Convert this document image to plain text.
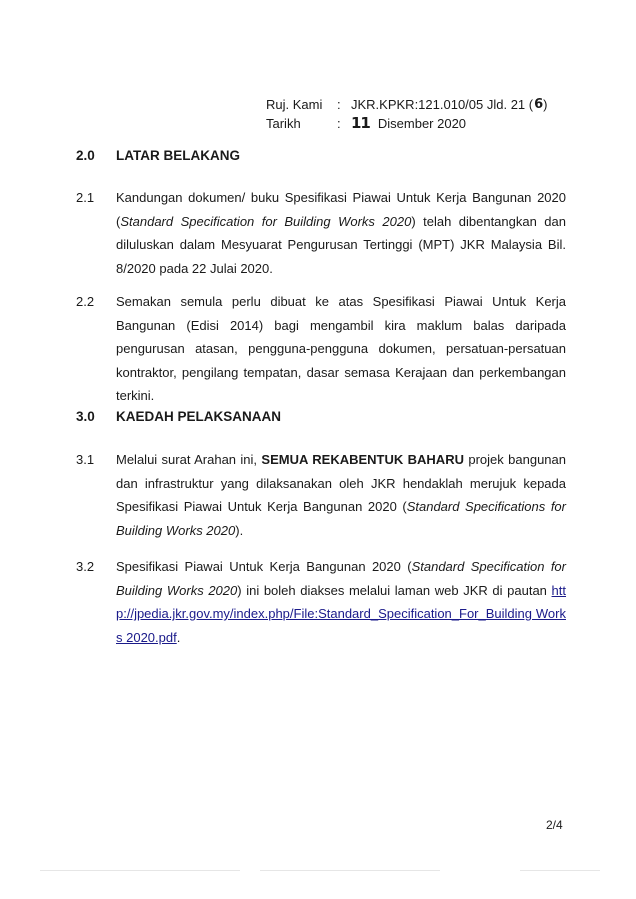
Ruj. Kami	: JKR.KPKR:121.010/05 Jld. 21 ( 6 )
Tarikh	: 11 Disember 2020
2.0 LATAR BELAKANG
2.1 Kandungan dokumen/ buku Spesifikasi Piawai Untuk Kerja Bangunan 2020 (Standard Specification for Building Works 2020) telah dibentangkan dan diluluskan dalam Mesyuarat Pengurusan Tertinggi (MPT) JKR Malaysia Bil. 8/2020 pada 22 Julai 2020.
2.2 Semakan semula perlu dibuat ke atas Spesifikasi Piawai Untuk Kerja Bangunan (Edisi 2014) bagi mengambil kira maklum balas daripada pengurusan atasan, pengguna-pengguna dokumen, persatuan-persatuan kontraktor, pengilang tempatan, dasar semasa Kerajaan dan perkembangan terkini.
3.0 KAEDAH PELAKSANAAN
3.1 Melalui surat Arahan ini, SEMUA REKABENTUK BAHARU projek bangunan dan infrastruktur yang dilaksanakan oleh JKR hendaklah merujuk kepada Spesifikasi Piawai Untuk Kerja Bangunan 2020 (Standard Specifications for Building Works 2020).
3.2 Spesifikasi Piawai Untuk Kerja Bangunan 2020 (Standard Specification for Building Works 2020) ini boleh diakses melalui laman web JKR di pautan http://jpedia.jkr.gov.my/index.php/File:Standard_Specification_For_Building Works 2020.pdf.
2/4
